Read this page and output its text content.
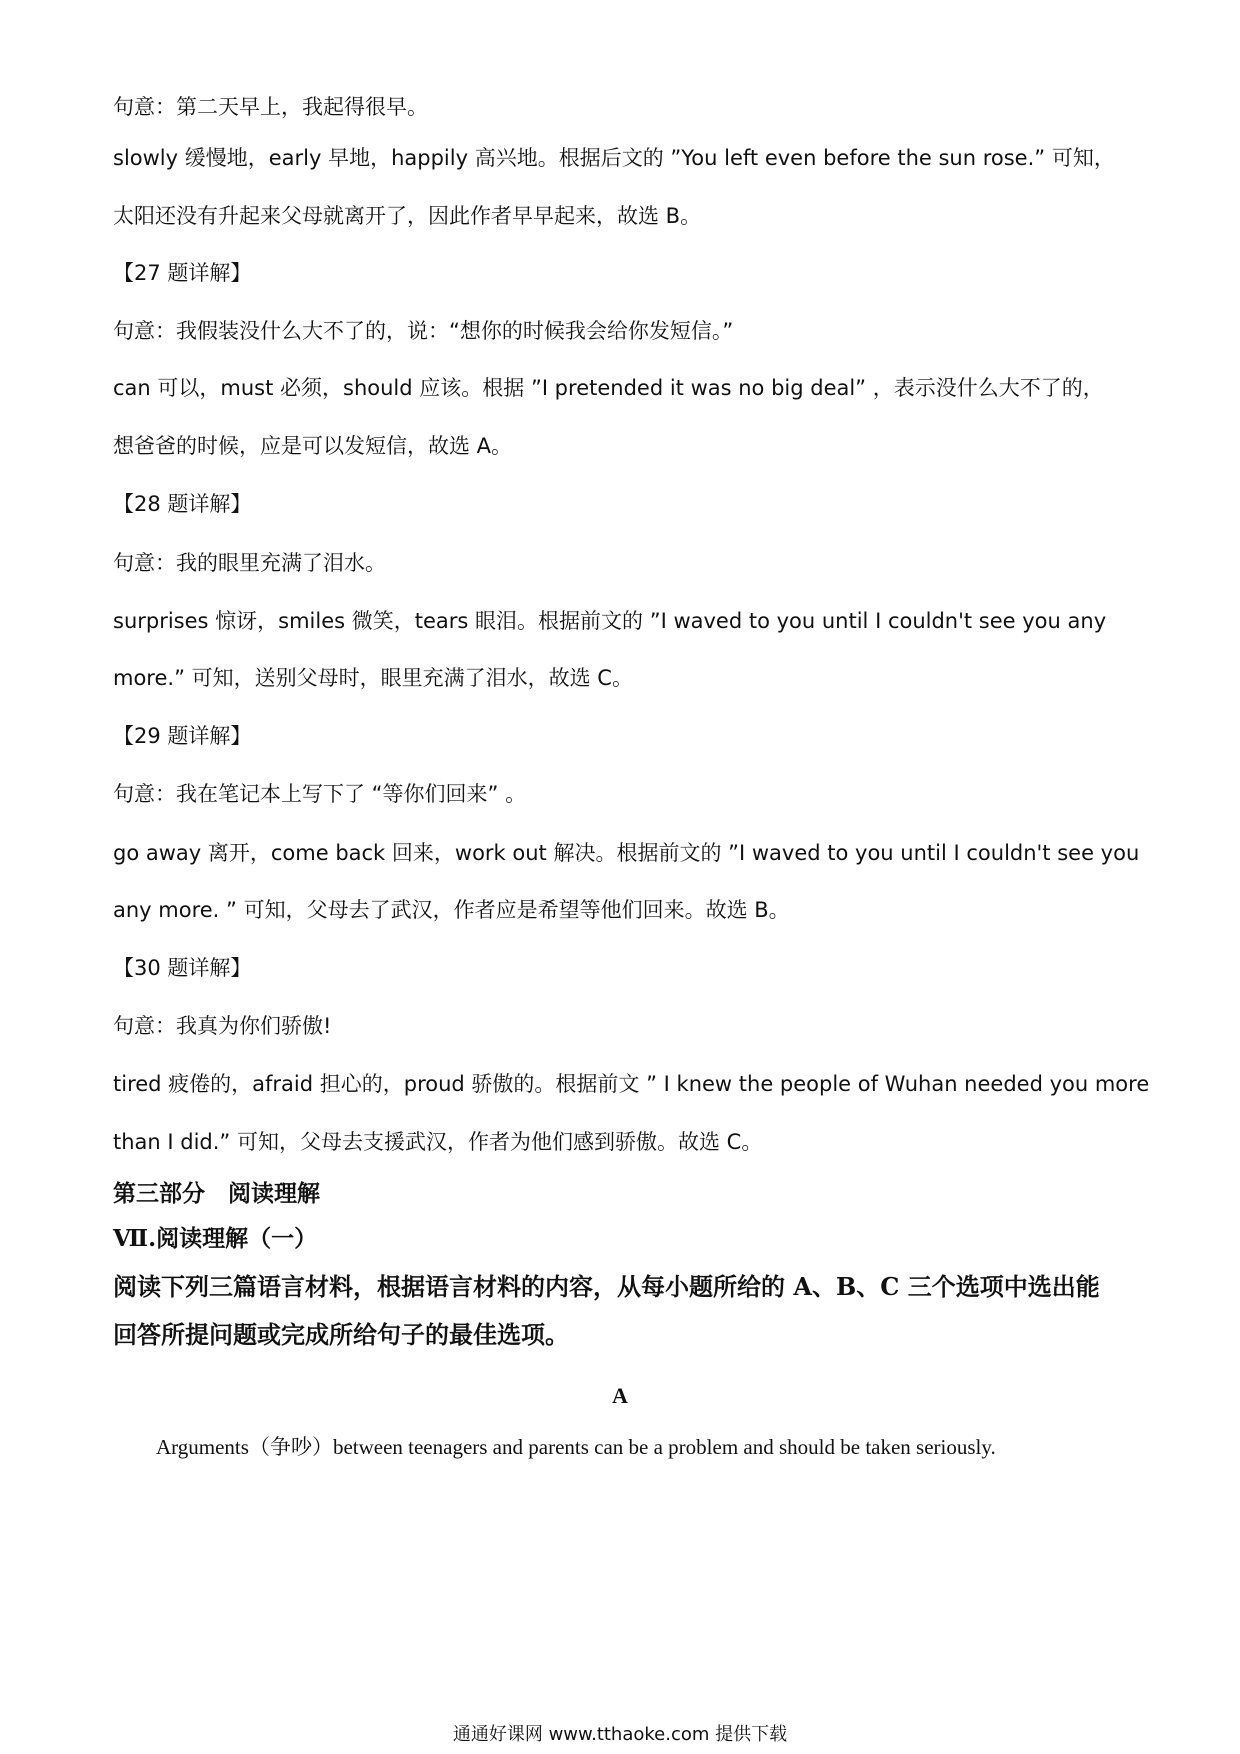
句意：第二天早上，我起得很早。
slowly 缓慢地，early 早地，happily 高兴地。根据后文的 ”You left even before the sun rose.” 可知，
太阳还没有升起来父母就离开了，因此作者早早起来，故选 B。
【27 题详解】
句意：我假装没什么大不了的，说：“想你的时候我会给你发短信。”
can 可以，must 必须，should 应该。根据 ”I pretended it was no big deal” ，表示没什么大不了的，
想爸爸的时候，应是可以发短信，故选 A。
【28 题详解】
句意：我的眼里充满了泪水。
surprises 惊讶，smiles 微笑，tears 眼泪。根据前文的 ”I waved to you until I couldn't see you any
more.” 可知，送别父母时，眼里充满了泪水，故选 C。
【29 题详解】
句意：我在笔记本上写下了 “等你们回来” 。
go away 离开，come back 回来，work out 解决。根据前文的 ”I waved to you until I couldn't see you
any more. ” 可知，父母去了武汉，作者应是希望等他们回来。故选 B。
【30 题详解】
句意：我真为你们骄傲!
tired 疲倦的，afraid 担心的，proud 骄傲的。根据前文 ” I knew the people of Wuhan needed you more
than I did.” 可知，父母去支援武汉，作者为他们感到骄傲。故选 C。
第三部分　阅读理解
Ⅶ.阅读理解（一）
阅读下列三篇语言材料，根据语言材料的内容，从每小题所给的 A、B、C 三个选项中选出能
回答所提问题或完成所给句子的最佳选项。
A
Arguments（争吵）between teenagers and parents can be a problem and should be taken seriously.
通通好课网 www.tthaoke.com 提供下载
